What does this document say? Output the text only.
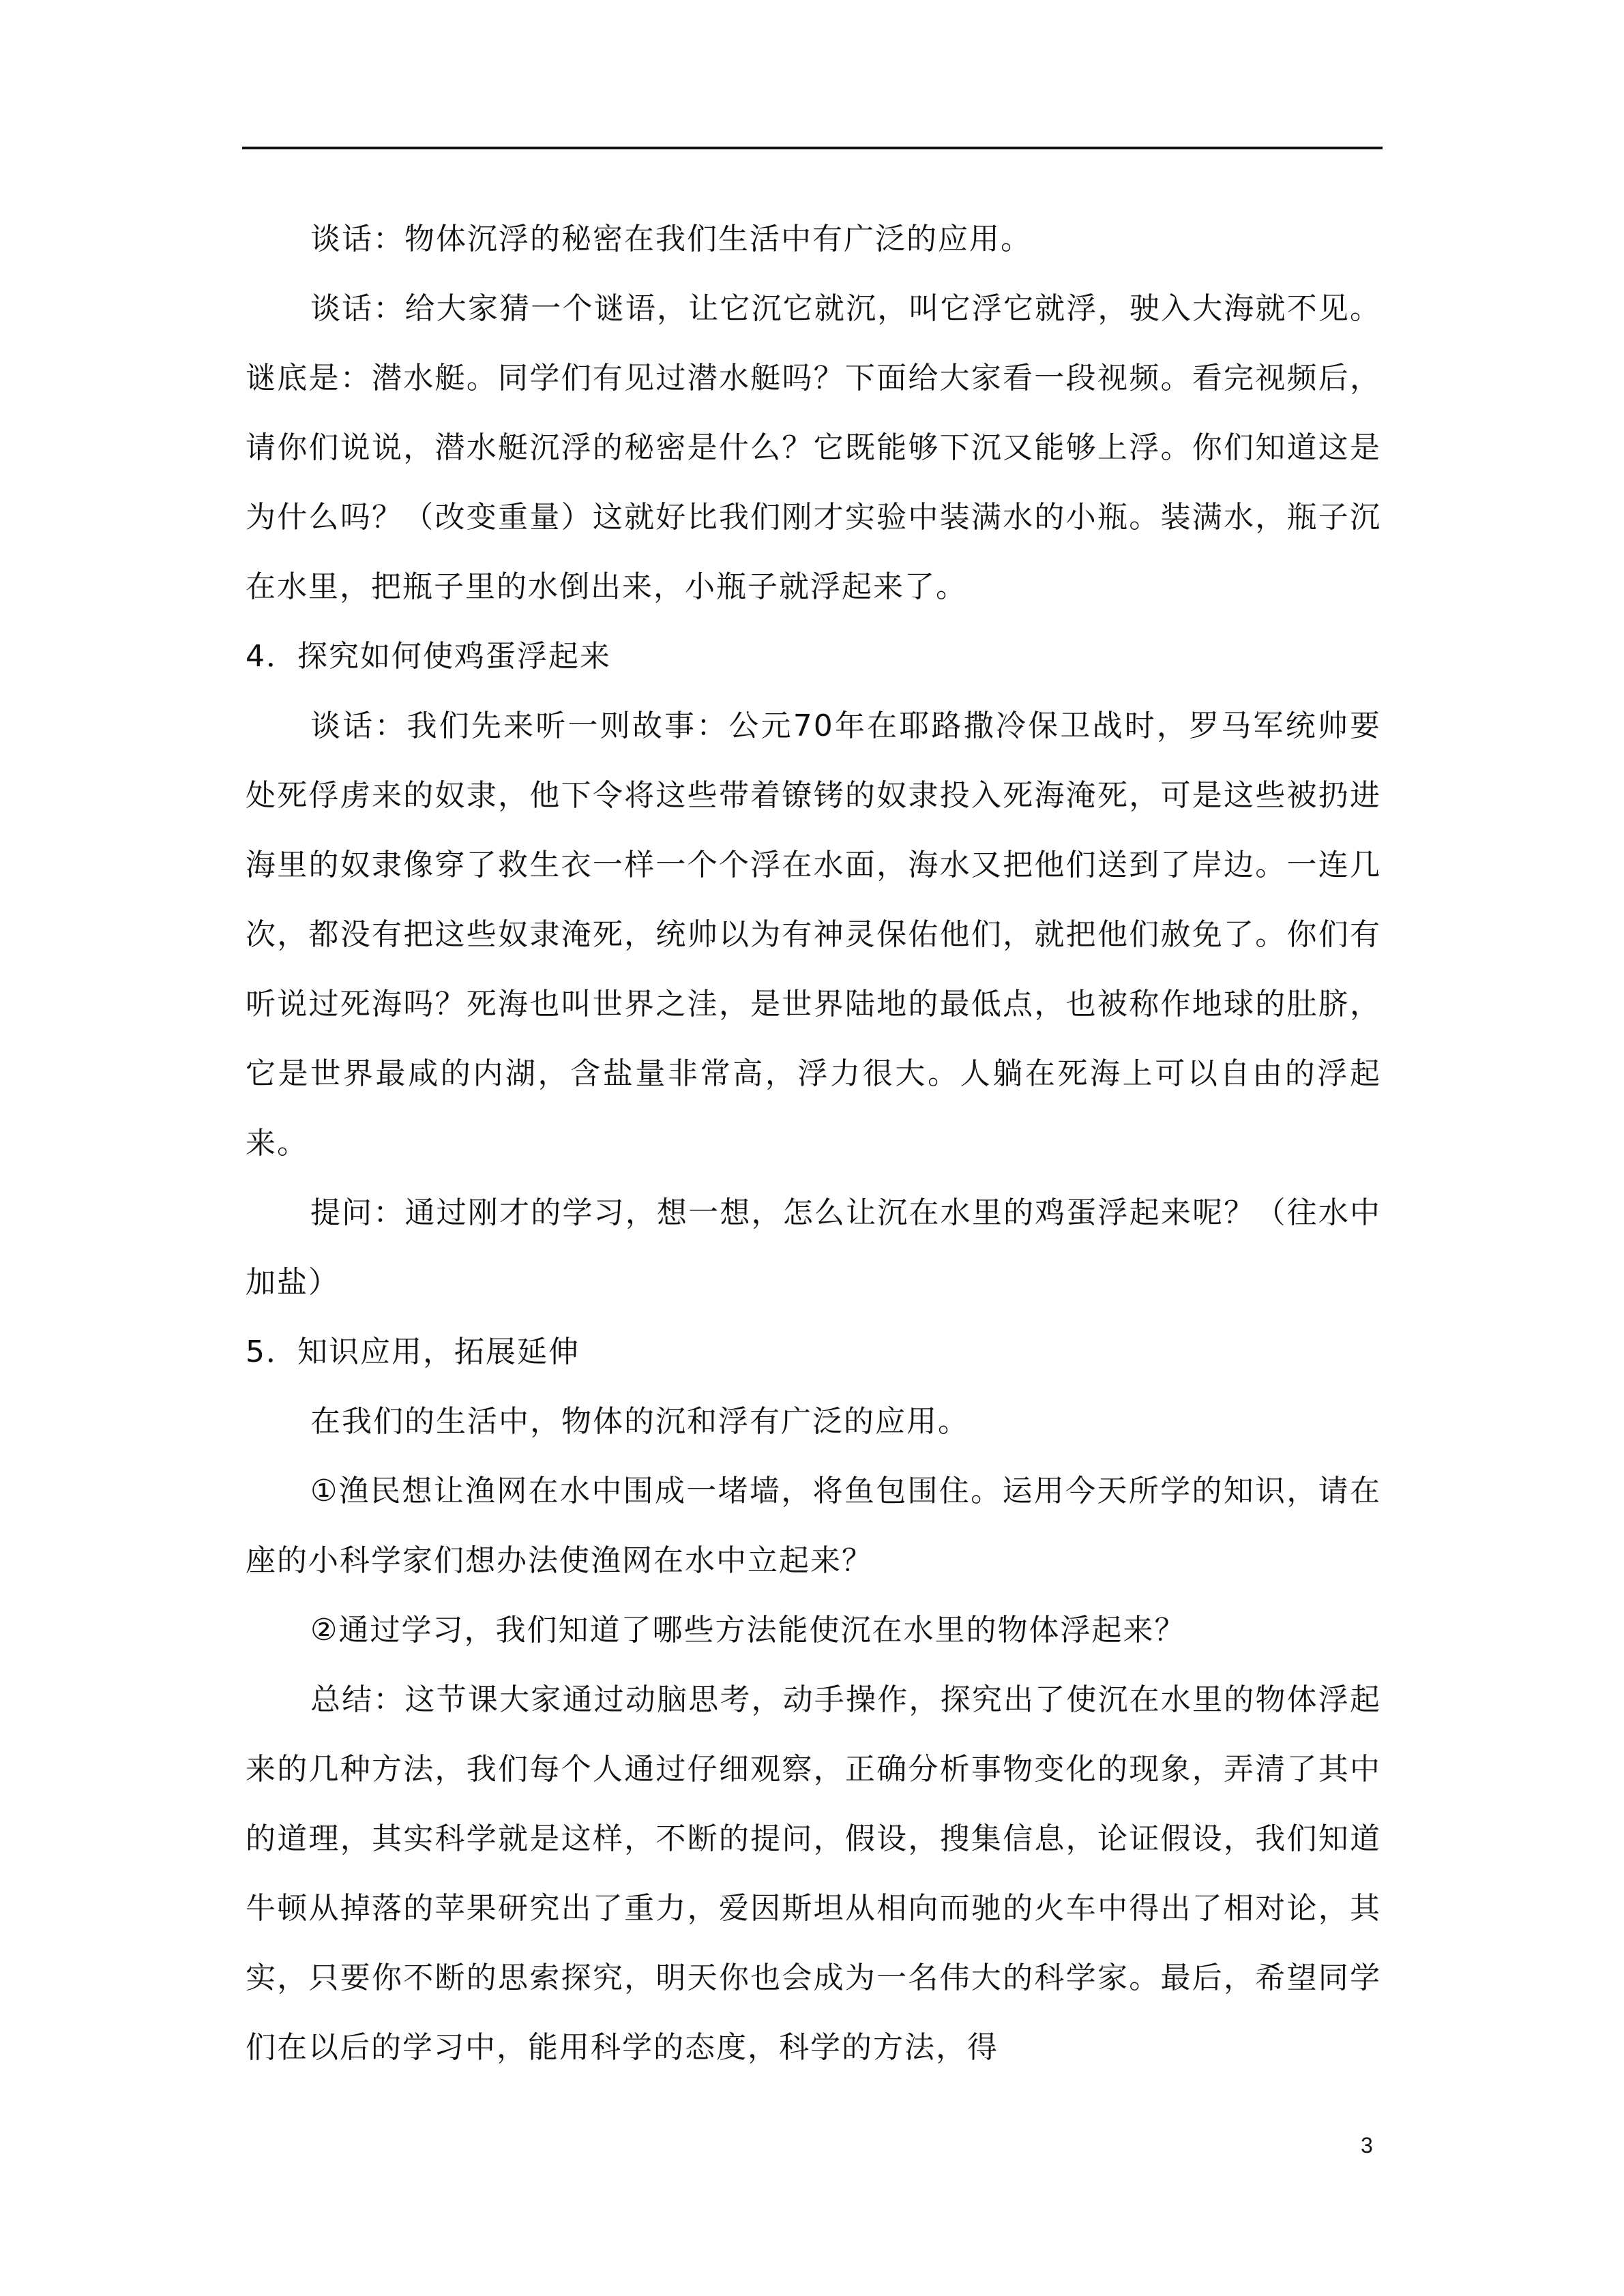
谈话：物体沉浮的秘密在我们生活中有广泛的应用。

谈话：给大家猜一个谜语，让它沉它就沉，叫它浮它就浮，驶入大海就不见。谜底是：潜水艇。同学们有见过潜水艇吗？下面给大家看一段视频。看完视频后，请你们说说，潜水艇沉浮的秘密是什么？它既能够下沉又能够上浮。你们知道这是为什么吗？（改变重量）这就好比我们刚才实验中装满水的小瓶。装满水，瓶子沉在水里，把瓶子里的水倒出来，小瓶子就浮起来了。

4．探究如何使鸡蛋浮起来

谈话：我们先来听一则故事：公元70年在耶路撒冷保卫战时，罗马军统帅要处死俘虏来的奴隶，他下令将这些带着镣铐的奴隶投入死海淹死，可是这些被扔进海里的奴隶像穿了救生衣一样一个个浮在水面，海水又把他们送到了岸边。一连几次，都没有把这些奴隶淹死，统帅以为有神灵保佑他们，就把他们赦免了。你们有听说过死海吗？死海也叫世界之洼，是世界陆地的最低点，也被称作地球的肚脐，它是世界最咸的内湖，含盐量非常高，浮力很大。人躺在死海上可以自由的浮起来。

提问：通过刚才的学习，想一想，怎么让沉在水里的鸡蛋浮起来呢？（往水中加盐）

5．知识应用，拓展延伸

在我们的生活中，物体的沉和浮有广泛的应用。

①渔民想让渔网在水中围成一堵墙，将鱼包围住。运用今天所学的知识，请在座的小科学家们想办法使渔网在水中立起来？

②通过学习，我们知道了哪些方法能使沉在水里的物体浮起来？

总结：这节课大家通过动脑思考，动手操作，探究出了使沉在水里的物体浮起来的几种方法，我们每个人通过仔细观察，正确分析事物变化的现象，弄清了其中的道理，其实科学就是这样，不断的提问，假设，搜集信息，论证假设，我们知道牛顿从掉落的苹果研究出了重力，爱因斯坦从相向而驰的火车中得出了相对论，其实，只要你不断的思索探究，明天你也会成为一名伟大的科学家。最后，希望同学们在以后的学习中，能用科学的态度，科学的方法，得

3
